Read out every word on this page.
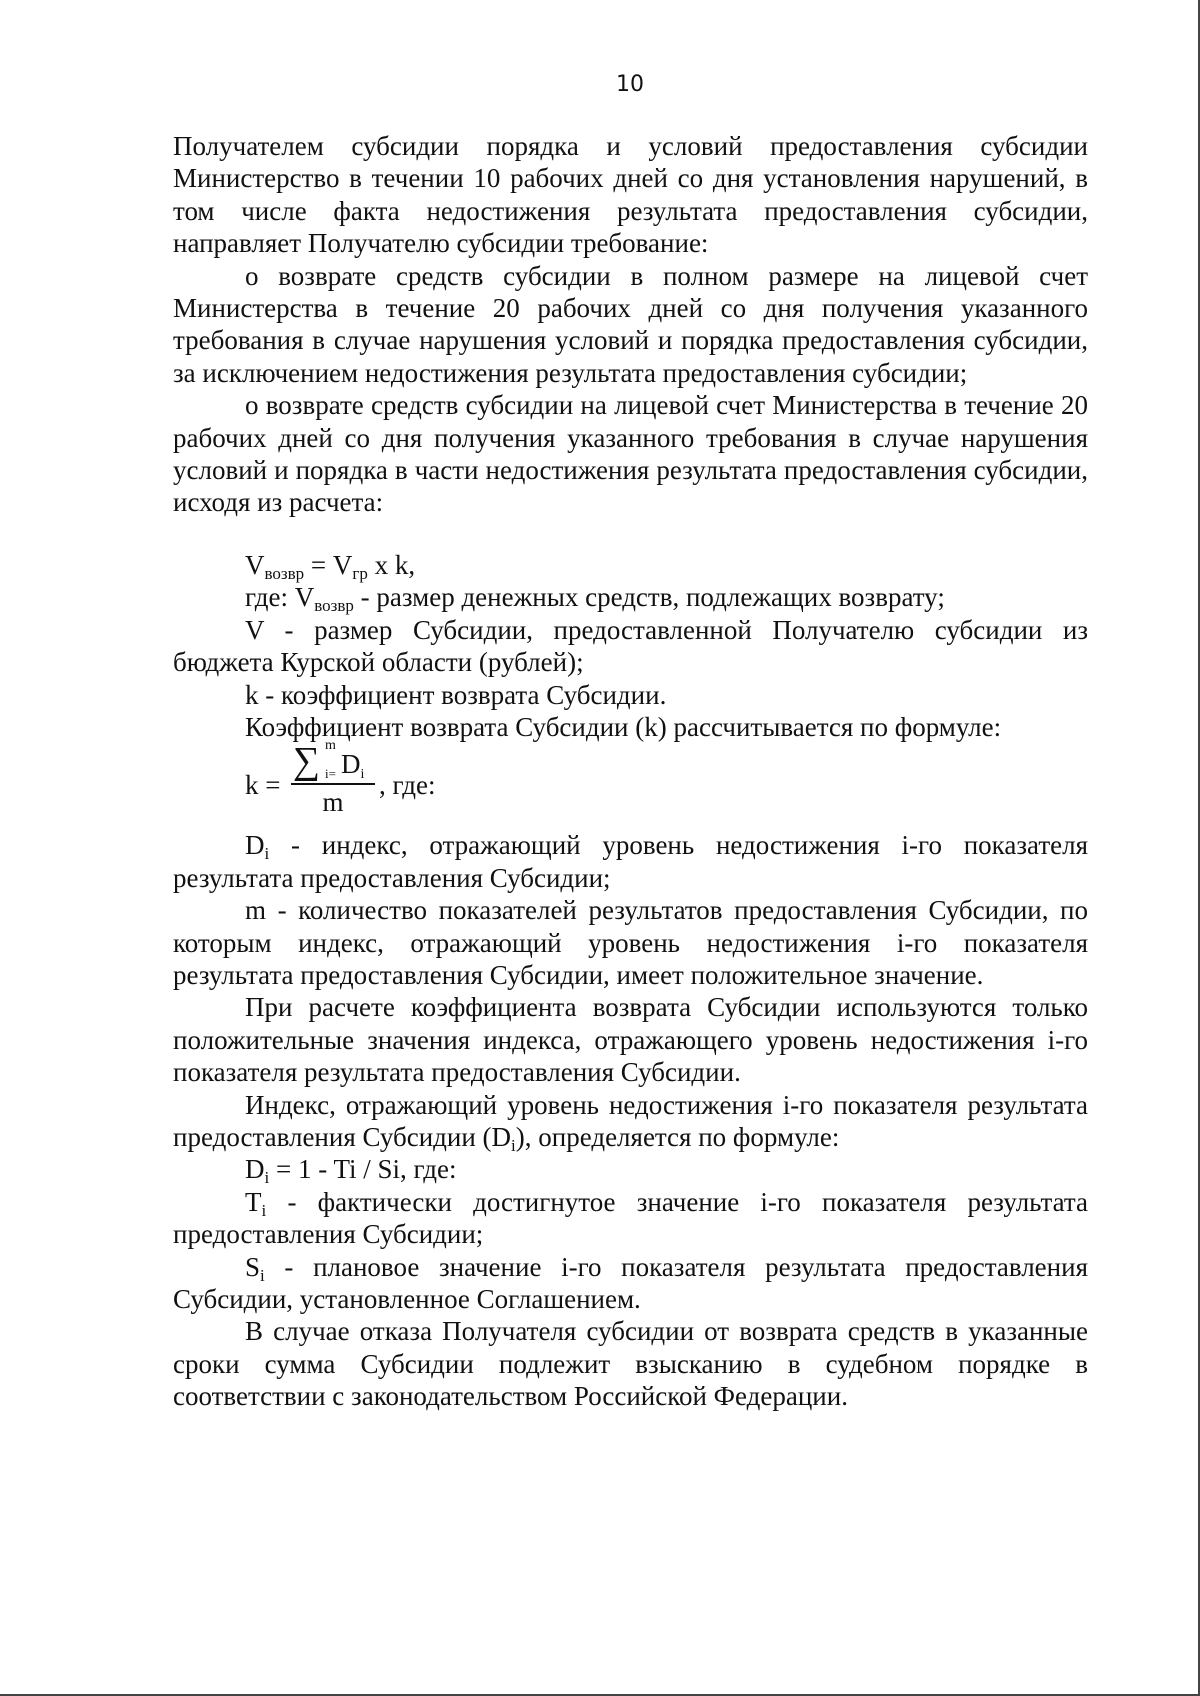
10

Получателем субсидии порядка и условий предоставления субсидии Министерство в течении 10 рабочих дней со дня установления нарушений, в том числе факта недостижения результата предоставления субсидии, направляет Получателю субсидии требование:

о возврате средств субсидии в полном размере на лицевой счет Министерства в течение 20 рабочих дней со дня получения указанного требования в случае нарушения условий и порядка предоставления субсидии, за исключением недостижения результата предоставления субсидии;

о возврате средств субсидии на лицевой счет Министерства в течение 20 рабочих дней со дня получения указанного требования в случае нарушения условий и порядка в части недостижения результата предоставления субсидии, исходя из расчета:

$V_{возвр} = V_{гр}$ x k,

где: $V_{возвр}$ - размер денежных средств, подлежащих возврату;

V - размер Субсидии, предоставленной Получателю субсидии из бюджета Курской области (рублей);

k - коэффициент возврата Субсидии.

Коэффициент возврата Субсидии (k) рассчитывается по формуле:

k =
∑ m
$i= D_i$
m
, где:

$D_i$ - индекс, отражающий уровень недостижения i-го показателя результата предоставления Субсидии;

m - количество показателей результатов предоставления Субсидии, по которым индекс, отражающий уровень недостижения i-го показателя результата предоставления Субсидии, имеет положительное значение.

При расчете коэффициента возврата Субсидии используются только положительные значения индекса, отражающего уровень недостижения i-го показателя результата предоставления Субсидии.

Индекс, отражающий уровень недостижения i-го показателя результата предоставления Субсидии $(D_i)$, определяется по формуле:

$D_i = 1 - Ti / Si$, где:

$T_i$ - фактически достигнутое значение i-го показателя результата предоставления Субсидии;

$S_i$ - плановое значение i-го показателя результата предоставления Субсидии, установленное Соглашением.

В случае отказа Получателя субсидии от возврата средств в указанные сроки сумма Субсидии подлежит взысканию в судебном порядке в соответствии с законодательством Российской Федерации.
